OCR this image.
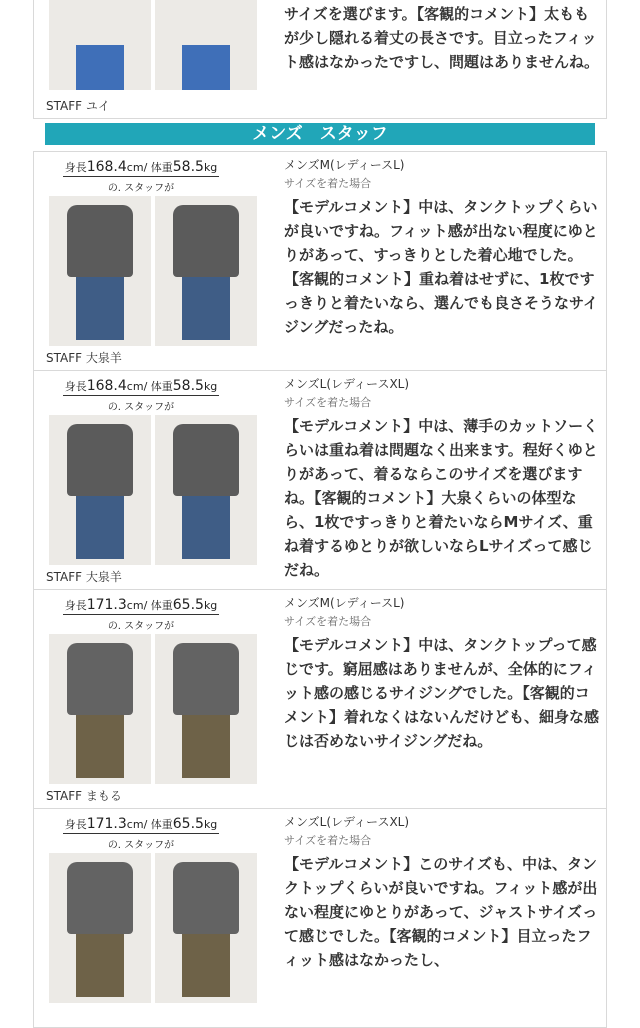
STAFF ユイ
サイズを選びます。【客観的コメント】太ももが少し隠れる着丈の長さです。目立ったフィット感はなかったですし、問題はありませんね。
メンズ　スタッフ
身長168.4cm/ 体重58.5kg
の. スタッフが
STAFF 大泉羊
メンズM(レディースL)
サイズを着た場合
【モデルコメント】中は、タンクトップくらいが良いですね。フィット感が出ない程度にゆとりがあって、すっきりとした着心地でした。【客観的コメント】重ね着はせずに、1枚ですっきりと着たいなら、選んでも良さそうなサイジングだったね。
身長168.4cm/ 体重58.5kg
の. スタッフが
STAFF 大泉羊
メンズL(レディースXL)
サイズを着た場合
【モデルコメント】中は、薄手のカットソーくらいは重ね着は問題なく出来ます。程好くゆとりがあって、着るならこのサイズを選びますね。【客観的コメント】大泉くらいの体型なら、1枚ですっきりと着たいならMサイズ、重ね着するゆとりが欲しいならLサイズって感じだね。
身長171.3cm/ 体重65.5kg
の. スタッフが
STAFF まもる
メンズM(レディースL)
サイズを着た場合
【モデルコメント】中は、タンクトップって感じです。窮屈感はありませんが、全体的にフィット感の感じるサイジングでした。【客観的コメント】着れなくはないんだけども、細身な感じは否めないサイジングだね。
身長171.3cm/ 体重65.5kg
の. スタッフが
メンズL(レディースXL)
サイズを着た場合
【モデルコメント】このサイズも、中は、タンクトップくらいが良いですね。フィット感が出ない程度にゆとりがあって、ジャストサイズって感じでした。【客観的コメント】目立ったフィット感はなかったし、
